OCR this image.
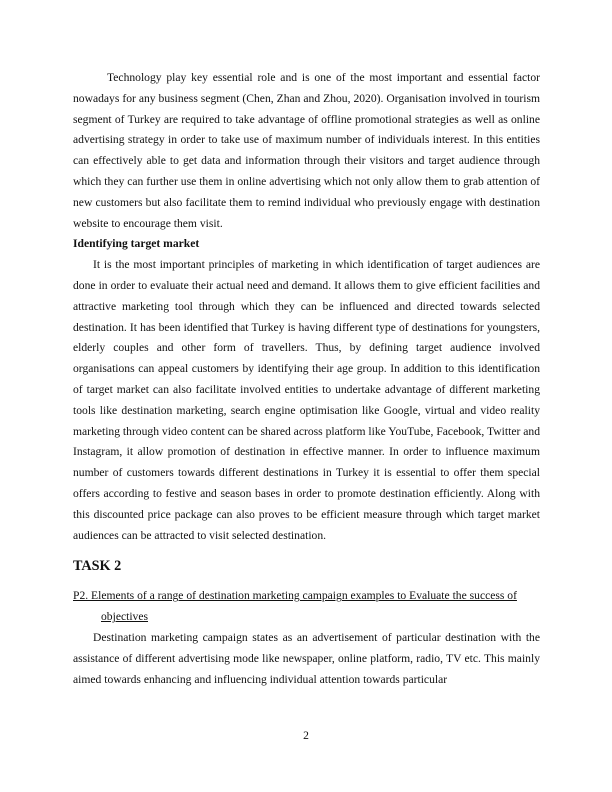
Technology play key essential role and is one of the most important and essential factor nowadays for any business segment (Chen, Zhan and Zhou, 2020). Organisation involved in tourism segment of Turkey are required to take advantage of offline promotional strategies as well as online advertising strategy in order to take use of maximum number of individuals interest. In this entities can effectively able to get data and information through their visitors and target audience through which they can further use them in online advertising which not only allow them to grab attention of new customers but also facilitate them to remind individual who previously engage with destination website to encourage them visit.

Identifying target market

It is the most important principles of marketing in which identification of target audiences are done in order to evaluate their actual need and demand. It allows them to give efficient facilities and attractive marketing tool through which they can be influenced and directed towards selected destination. It has been identified that Turkey is having different type of destinations for youngsters, elderly couples and other form of travellers. Thus, by defining target audience involved organisations can appeal customers by identifying their age group. In addition to this identification of target market can also facilitate involved entities to undertake advantage of different marketing tools like destination marketing, search engine optimisation like Google, virtual and video reality marketing through video content can be shared across platform like YouTube, Facebook, Twitter and Instagram, it allow promotion of destination in effective manner. In order to influence maximum number of customers towards different destinations in Turkey it is essential to offer them special offers according to festive and season bases in order to promote destination efficiently. Along with this discounted price package can also proves to be efficient measure through which target market audiences can be attracted to visit selected destination.

TASK 2
P2. Elements of a range of destination marketing campaign examples to Evaluate the success of objectives

Destination marketing campaign states as an advertisement of particular destination with the assistance of different advertising mode like newspaper, online platform, radio, TV etc. This mainly aimed towards enhancing and influencing individual attention towards particular

2
